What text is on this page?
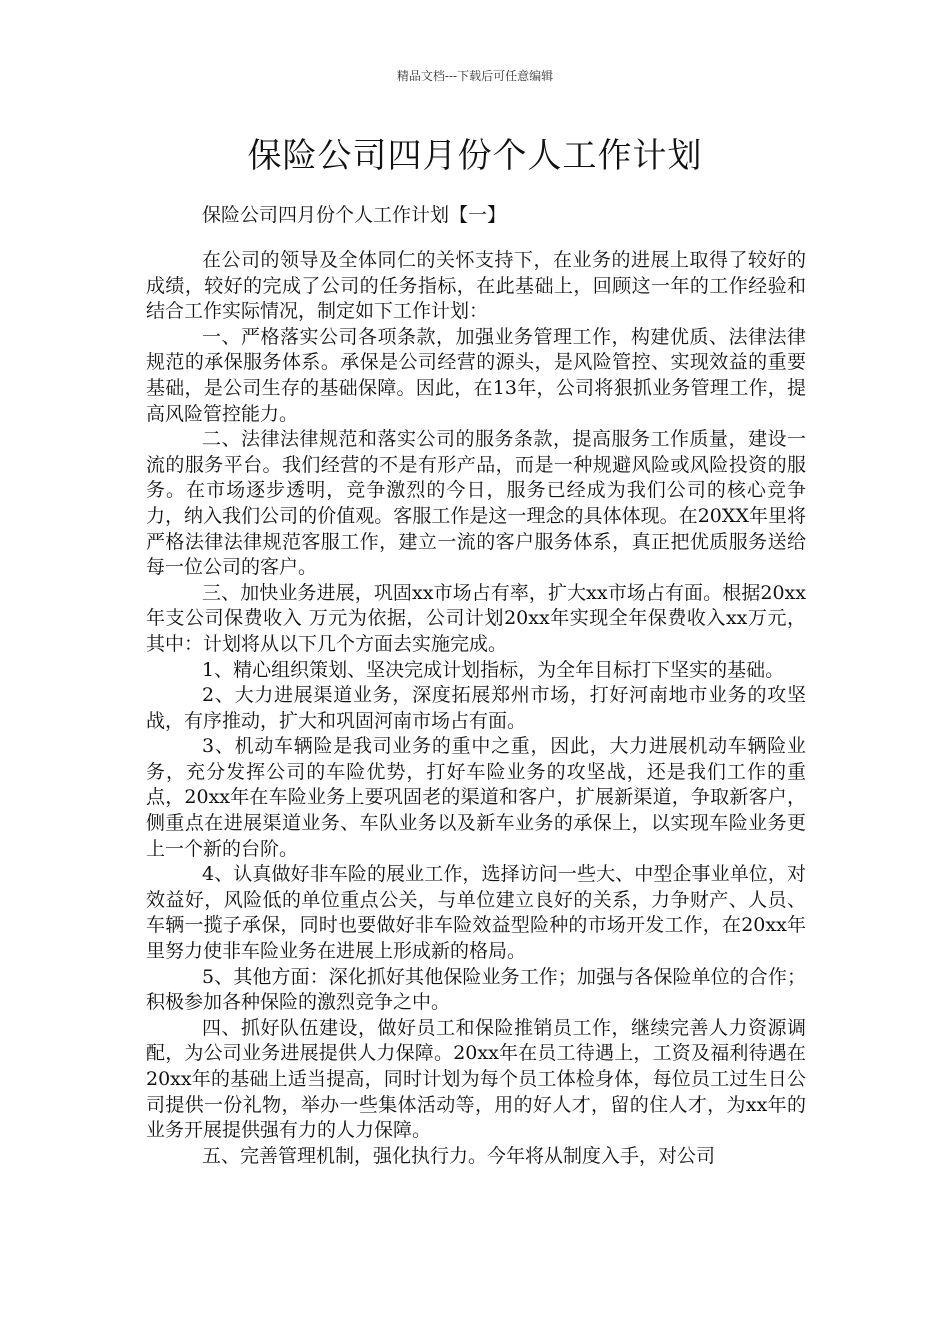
精品文档---下载后可任意编辑
保险公司四月份个人工作计划
保险公司四月份个人工作计划【一】

在公司的领导及全体同仁的关怀支持下，在业务的进展上取得了较好的成绩，较好的完成了公司的任务指标，在此基础上，回顾这一年的工作经验和结合工作实际情况，制定如下工作计划：

一、严格落实公司各项条款，加强业务管理工作，构建优质、法律法律规范的承保服务体系。承保是公司经营的源头，是风险管控、实现效益的重要基础，是公司生存的基础保障。因此，在13年，公司将狠抓业务管理工作，提高风险管控能力。

二、法律法律规范和落实公司的服务条款，提高服务工作质量，建设一流的服务平台。我们经营的不是有形产品，而是一种规避风险或风险投资的服务。在市场逐步透明，竞争激烈的今日，服务已经成为我们公司的核心竞争力，纳入我们公司的价值观。客服工作是这一理念的具体体现。在20XX年里将严格法律法律规范客服工作，建立一流的客户服务体系，真正把优质服务送给每一位公司的客户。

三、加快业务进展，巩固xx市场占有率，扩大xx市场占有面。根据20xx年支公司保费收入 万元为依据，公司计划20xx年实现全年保费收入xx万元，其中：计划将从以下几个方面去实施完成。

1、精心组织策划、坚决完成计划指标，为全年目标打下坚实的基础。

2、大力进展渠道业务，深度拓展郑州市场，打好河南地市业务的攻坚战，有序推动，扩大和巩固河南市场占有面。

3、机动车辆险是我司业务的重中之重，因此，大力进展机动车辆险业务，充分发挥公司的车险优势，打好车险业务的攻坚战，还是我们工作的重点，20xx年在车险业务上要巩固老的渠道和客户，扩展新渠道，争取新客户，侧重点在进展渠道业务、车队业务以及新车业务的承保上，以实现车险业务更上一个新的台阶。

4、认真做好非车险的展业工作，选择访问一些大、中型企事业单位，对效益好，风险低的单位重点公关，与单位建立良好的关系，力争财产、人员、车辆一揽子承保，同时也要做好非车险效益型险种的市场开发工作，在20xx年里努力使非车险业务在进展上形成新的格局。

5、其他方面：深化抓好其他保险业务工作；加强与各保险单位的合作；积极参加各种保险的激烈竞争之中。

四、抓好队伍建设，做好员工和保险推销员工作，继续完善人力资源调配，为公司业务进展提供人力保障。20xx年在员工待遇上，工资及福利待遇在20xx年的基础上适当提高，同时计划为每个员工体检身体，每位员工过生日公司提供一份礼物，举办一些集体活动等，用的好人才，留的住人才，为xx年的业务开展提供强有力的人力保障。

五、完善管理机制，强化执行力。今年将从制度入手，对公司
